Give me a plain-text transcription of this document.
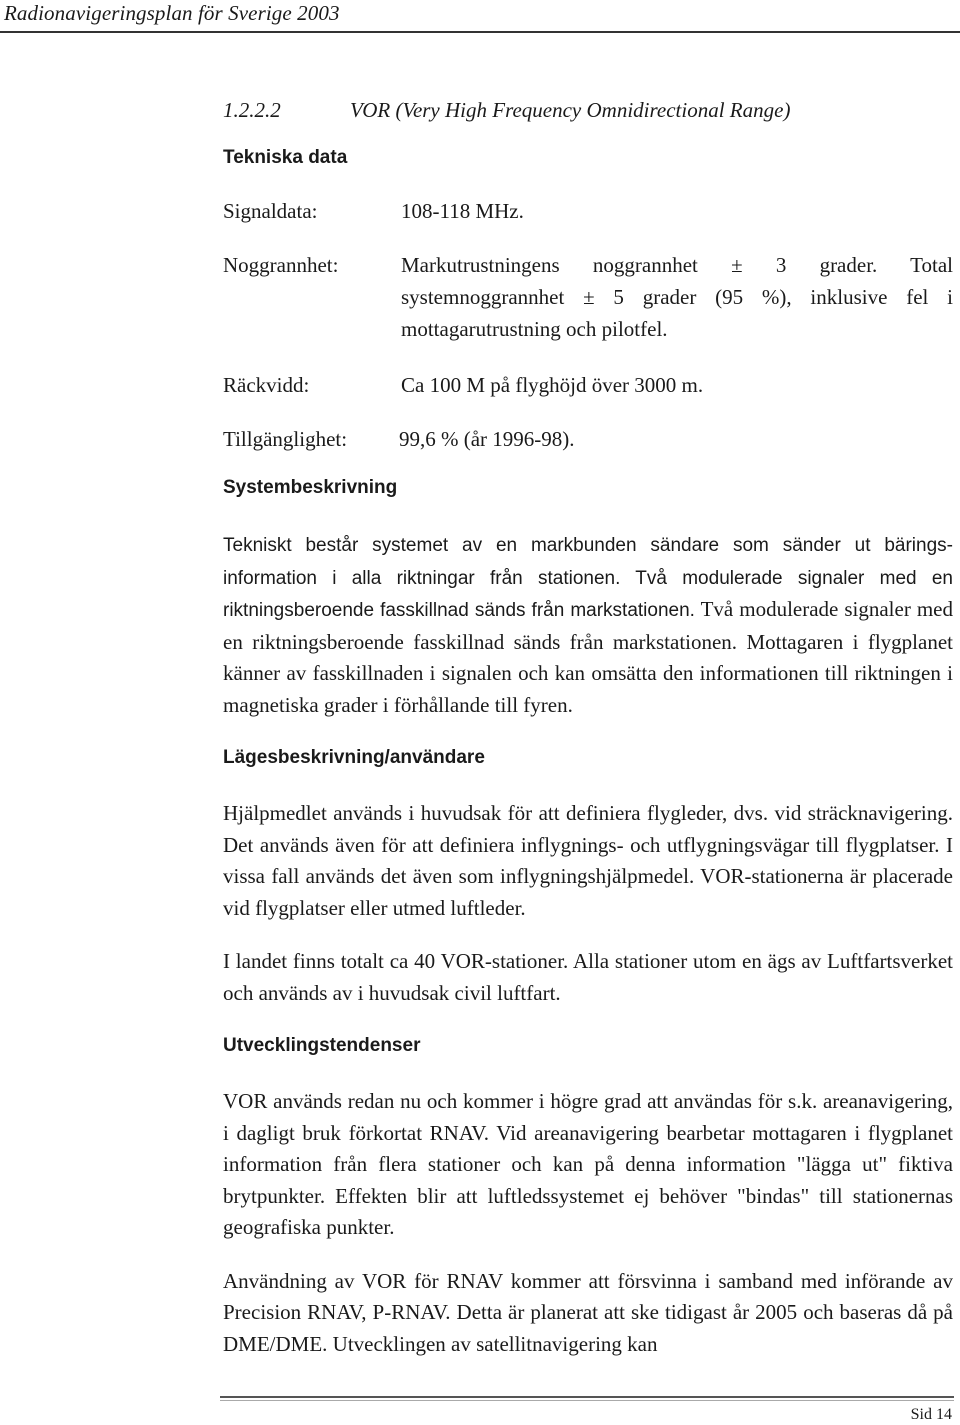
Radionavigeringsplan för Sverige 2003
1.2.2.2	VOR (Very High Frequency Omnidirectional Range)
Tekniska data
Signaldata:	108-118 MHz.
Noggrannhet:	Markutrustningens noggrannhet ± 3 grader. Total systemnoggrannhet ± 5 grader (95 %), inklusive fel i mottagarutrustning och pilotfel.
Räckvidd:	Ca 100 M på flyghöjd över 3000 m.
Tillgänglighet:	99,6 % (år 1996-98).
Systembeskrivning

Tekniskt består systemet av en markbunden sändare som sänder ut bäringsinformation i alla riktningar från stationen. Två modulerade signaler med en riktningsberoende fasskillnad sänds från markstationen. Två modulerade signaler med en riktningsberoende fasskillnad sänds från markstationen. Mottagaren i flygplanet känner av fasskillnaden i signalen och kan omsätta den informationen till riktningen i magnetiska grader i förhållande till fyren.

Lägesbeskrivning/användare

Hjälpmedlet används i huvudsak för att definiera flygleder, dvs. vid sträcknavigering. Det används även för att definiera inflygnings- och utflygningsvägar till flygplatser. I vissa fall används det även som inflygningshjälpmedel. VOR-stationerna är placerade vid flygplatser eller utmed luftleder.

I landet finns totalt ca 40 VOR-stationer. Alla stationer utom en ägs av Luftfartsverket och används av i huvudsak civil luftfart.

Utvecklingstendenser

VOR används redan nu och kommer i högre grad att användas för s.k. areanavigering, i dagligt bruk förkortat RNAV. Vid areanavigering bearbetar mottagaren i flygplanet information från flera stationer och kan på denna information "lägga ut" fiktiva brytpunkter. Effekten blir att luftledssystemet ej behöver "bindas" till stationernas geografiska punkter.

Användning av VOR för RNAV kommer att försvinna i samband med införande av Precision RNAV, P-RNAV. Detta är planerat att ske tidigast år 2005 och baseras då på DME/DME. Utvecklingen av satellitnavigering kan

Sid 14
